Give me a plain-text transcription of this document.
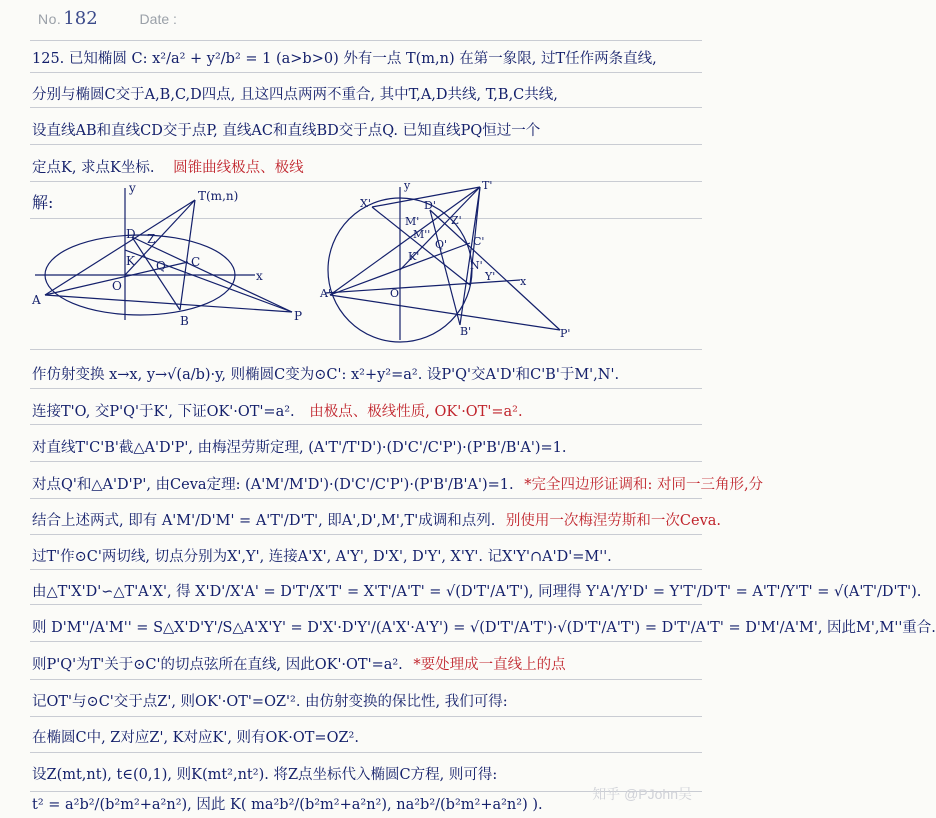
No. 182	Date :
125. 已知椭圆 C: x²/a² + y²/b² = 1 (a>b>0) 外有一点 T(m,n) 在第一象限, 过T任作两条直线,
分别与椭圆C交于A,B,C,D四点, 且这四点两两不重合, 其中T,A,D共线, T,B,C共线,
设直线AB和直线CD交于点P, 直线AC和直线BD交于点Q. 已知直线PQ恒过一个
定点K, 求点K坐标. 圆锥曲线极点、极线
解:	T(m,n)
D Z
K Q C
A
O
B	P
x
y	T'
X'	D'
Z'
M'
M''
Q' C'
K'
N'
Y'
A'	O
B'	P'
x
y
作仿射变换 x→x, y→√(a/b)·y, 则椭圆C变为⊙C': x²+y²=a². 设P'Q'交A'D'和C'B'于M',N'.
连接T'O, 交P'Q'于K', 下证OK'·OT'=a². 由极点、极线性质, OK'·OT'=a².
对直线T'C'B'截△A'D'P', 由梅涅劳斯定理, (A'T'/T'D')·(D'C'/C'P')·(P'B'/B'A')=1.
对点Q'和△A'D'P', 由Ceva定理: (A'M'/M'D')·(D'C'/C'P')·(P'B'/B'A')=1. *完全四边形证调和: 对同一三角形,分
结合上述两式, 即有 A'M'/D'M' = A'T'/D'T', 即A',D',M',T'成调和点列. 别使用一次梅涅劳斯和一次Ceva.
过T'作⊙C'两切线, 切点分别为X',Y', 连接A'X', A'Y', D'X', D'Y', X'Y'. 记X'Y'∩A'D'=M''.
由△T'X'D'∽△T'A'X', 得 X'D'/X'A' = D'T'/X'T' = X'T'/A'T' = √(D'T'/A'T'), 同理得 Y'A'/Y'D' = Y'T'/D'T' = A'T'/Y'T' = √(A'T'/D'T').
则 D'M''/A'M'' = S△X'D'Y'/S△A'X'Y' = D'X'·D'Y'/(A'X'·A'Y') = √(D'T'/A'T')·√(D'T'/A'T') = D'T'/A'T' = D'M'/A'M', 因此M',M''重合.
则P'Q'为T'关于⊙C'的切点弦所在直线, 因此OK'·OT'=a². *要处理成一直线上的点
记OT'与⊙C'交于点Z', 则OK'·OT'=OZ'². 由仿射变换的保比性, 我们可得:
在椭圆C中, Z对应Z', K对应K', 则有OK·OT=OZ².
设Z(mt,nt), t∈(0,1), 则K(mt²,nt²). 将Z点坐标代入椭圆C方程, 则可得:
t² = a²b²/(b²m²+a²n²), 因此 K( ma²b²/(b²m²+a²n²), na²b²/(b²m²+a²n²) ).
知乎 @PJohn吴
